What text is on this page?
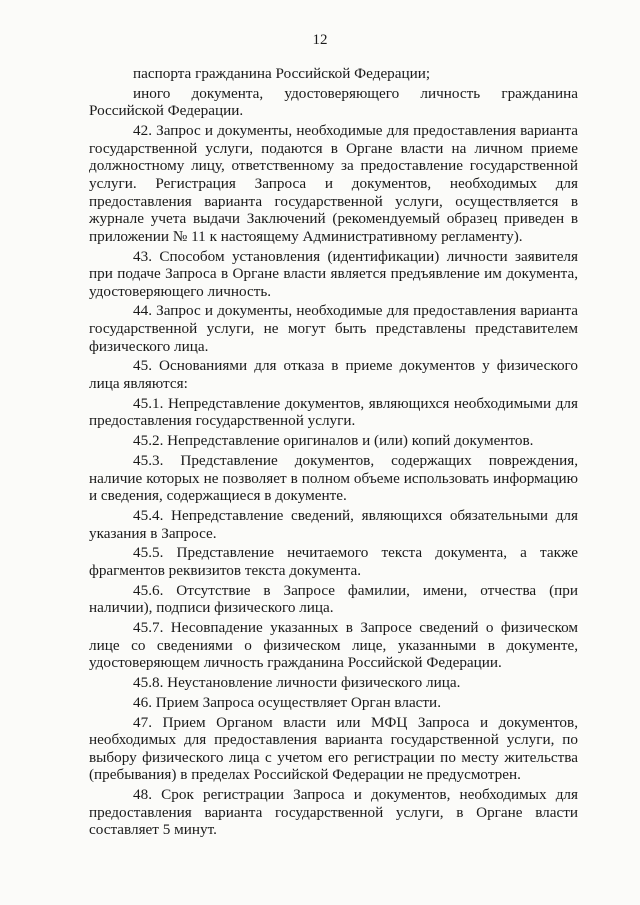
12

паспорта гражданина Российской Федерации;

иного документа, удостоверяющего личность гражданина Российской Федерации.

42. Запрос и документы, необходимые для предоставления варианта государственной услуги, подаются в Органе власти на личном приеме должностному лицу, ответственному за предоставление государственной услуги. Регистрация Запроса и документов, необходимых для предоставления варианта государственной услуги, осуществляется в журнале учета выдачи Заключений (рекомендуемый образец приведен в приложении № 11 к настоящему Административному регламенту).

43. Способом установления (идентификации) личности заявителя при подаче Запроса в Органе власти является предъявление им документа, удостоверяющего личность.

44. Запрос и документы, необходимые для предоставления варианта государственной услуги, не могут быть представлены представителем физического лица.

45. Основаниями для отказа в приеме документов у физического лица являются:

45.1. Непредставление документов, являющихся необходимыми для предоставления государственной услуги.

45.2. Непредставление оригиналов и (или) копий документов.

45.3. Представление документов, содержащих повреждения, наличие которых не позволяет в полном объеме использовать информацию и сведения, содержащиеся в документе.

45.4. Непредставление сведений, являющихся обязательными для указания в Запросе.

45.5. Представление нечитаемого текста документа, а также фрагментов реквизитов текста документа.

45.6. Отсутствие в Запросе фамилии, имени, отчества (при наличии), подписи физического лица.

45.7. Несовпадение указанных в Запросе сведений о физическом лице со сведениями о физическом лице, указанными в документе, удостоверяющем личность гражданина Российской Федерации.

45.8. Неустановление личности физического лица.

46. Прием Запроса осуществляет Орган власти.

47. Прием Органом власти или МФЦ Запроса и документов, необходимых для предоставления варианта государственной услуги, по выбору физического лица с учетом его регистрации по месту жительства (пребывания) в пределах Российской Федерации не предусмотрен.

48. Срок регистрации Запроса и документов, необходимых для предоставления варианта государственной услуги, в Органе власти составляет 5 минут.
